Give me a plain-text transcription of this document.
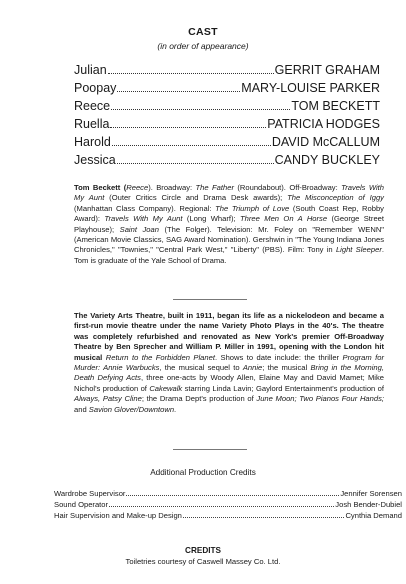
CAST
(in order of appearance)
Julian	GERRIT GRAHAM
Poopay	MARY-LOUISE PARKER
Reece	TOM BECKETT
Ruella	PATRICIA HODGES
Harold	DAVID McCALLUM
Jessica	CANDY BUCKLEY
Tom Beckett (Reece). Broadway: The Father (Roundabout). Off-Broadway: Travels With My Aunt (Outer Critics Circle and Drama Desk awards); The Misconception of Iggy (Manhattan Class Company). Regional: The Triumph of Love (South Coast Rep, Robby Award): Travels With My Aunt (Long Wharf); Three Men On A Horse (George Street Playhouse); Saint Joan (The Folger). Television: Mr. Foley on "Remember WENN" (American Movie Classics, SAG Award Nomination). Gershwin in "The Young Indiana Jones Chronicles," "Townies," "Central Park West," "Liberty" (PBS). Film: Tony in Light Sleeper. Tom is graduate of the Yale School of Drama.
The Variety Arts Theatre, built in 1911, began its life as a nickelodeon and became a first-run movie theatre under the name Variety Photo Plays in the 40's. The theatre was completely refurbished and renovated as New York's premier Off-Broadway Theatre by Ben Sprecher and William P. Miller in 1991, opening with the London hit musical Return to the Forbidden Planet. Shows to date include: the thriller Program for Murder: Annie Warbucks, the musical sequel to Annie; the musical Bring in the Morning, Death Defying Acts, three one-acts by Woody Allen, Elaine May and David Mamet; Mike Nichol's production of Cakewalk starring Linda Lavin; Gaylord Entertainment's production of Always, Patsy Cline; the Drama Dept's production of June Moon; Two Pianos Four Hands; and Savion Glover/Downtown.
Additional Production Credits
Wardrobe Supervisor	Jennifer Sorensen
Sound Operator	Josh Bender-Dubiel
Hair Supervision and Make-up Design	Cynthia Demand
CREDITS
Toiletries courtesy of Caswell Massey Co. Ltd.
